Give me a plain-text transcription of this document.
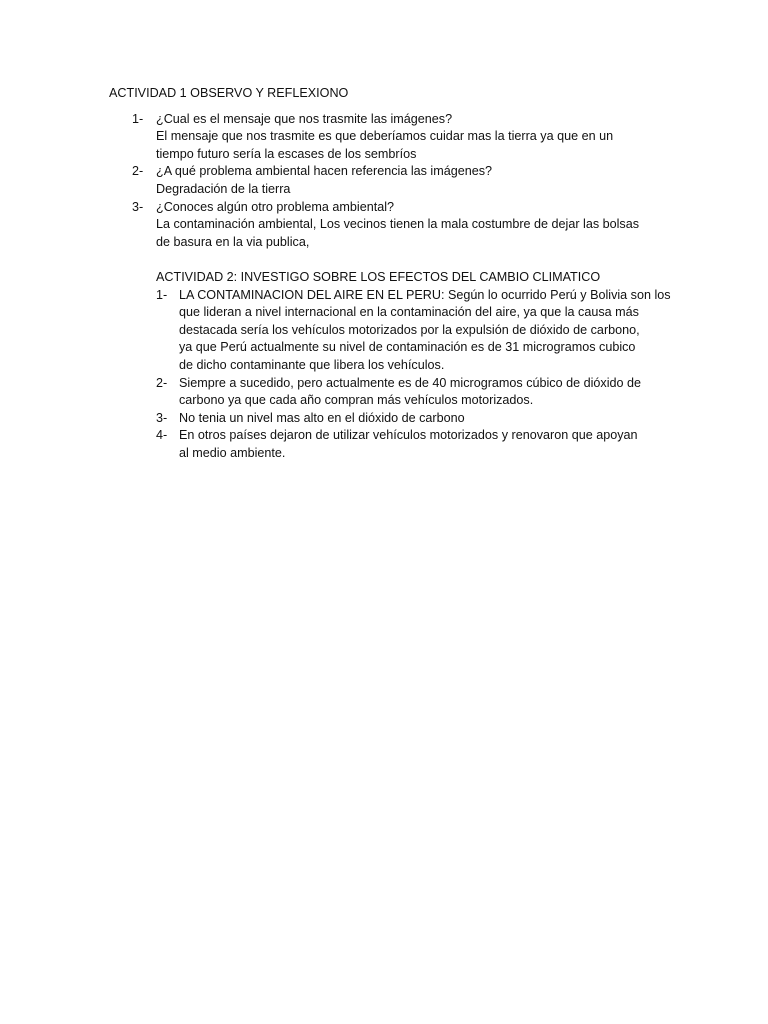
ACTIVIDAD 1 OBSERVO Y REFLEXIONO

1-	¿Cual es el mensaje que nos trasmite las imágenes?
El mensaje que nos trasmite es que deberíamos cuidar mas la tierra ya que en un
tiempo futuro sería la escases de los sembríos
2-	¿A qué problema ambiental hacen referencia las imágenes?
Degradación de la tierra
3-	¿Conoces algún otro problema ambiental?
La contaminación ambiental, Los vecinos tienen la mala costumbre de dejar las bolsas
de basura en la via publica,

ACTIVIDAD 2: INVESTIGO SOBRE LOS EFECTOS DEL CAMBIO CLIMATICO

1- LA CONTAMINACION DEL AIRE EN EL PERU: Según lo ocurrido Perú y Bolivia son los
que lideran a nivel internacional en la contaminación del aire, ya que la causa más
destacada sería los vehículos motorizados por la expulsión de dióxido de carbono,
ya que Perú actualmente su nivel de contaminación es de 31 microgramos cubico
de dicho contaminante que libera los vehículos.
2- Siempre a sucedido, pero actualmente es de 40 microgramos cúbico de dióxido de
carbono ya que cada año compran más vehículos motorizados.
3- No tenia un nivel mas alto en el dióxido de carbono
4- En otros países dejaron de utilizar vehículos motorizados y renovaron que apoyan
al medio ambiente.
